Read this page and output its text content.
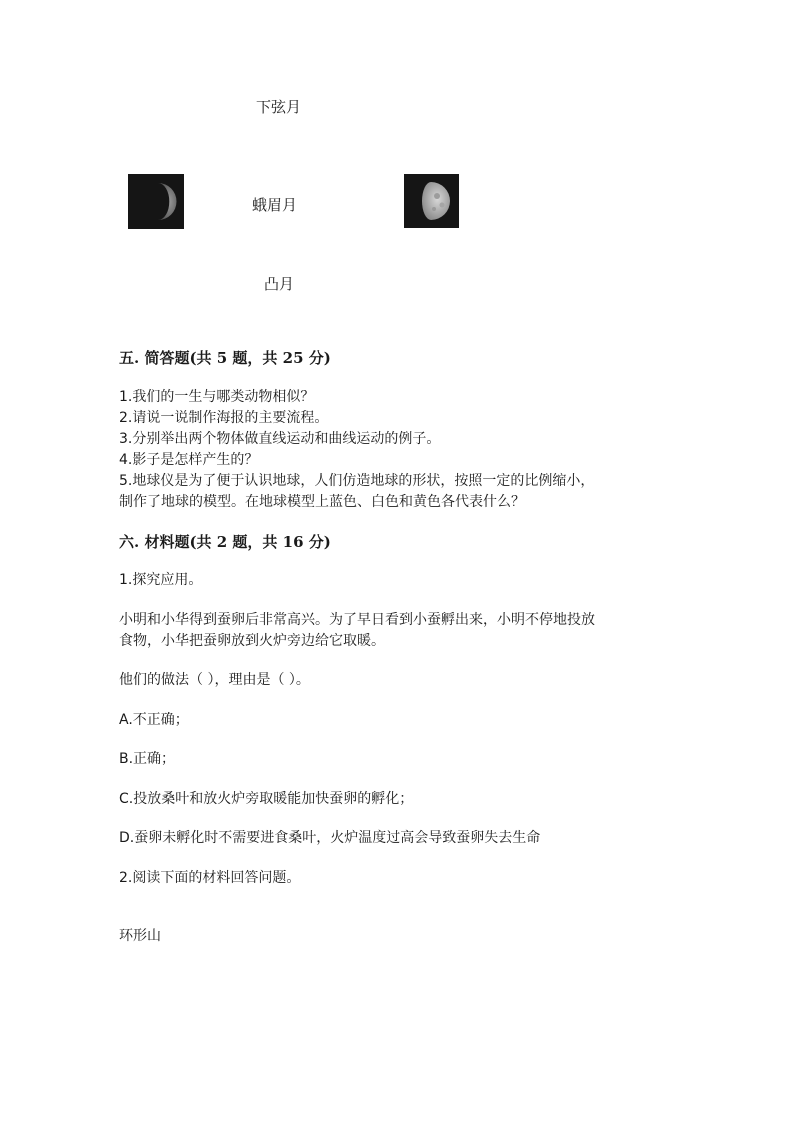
下弦月
蛾眉月
凸月
五. 简答题(共 5 题，共 25 分)
1.我们的一生与哪类动物相似？
2.请说一说制作海报的主要流程。
3.分别举出两个物体做直线运动和曲线运动的例子。
4.影子是怎样产生的？
5.地球仪是为了便于认识地球，人们仿造地球的形状，按照一定的比例缩小，
制作了地球的模型。在地球模型上蓝色、白色和黄色各代表什么？
六. 材料题(共 2 题，共 16 分)
1.探究应用。
小明和小华得到蚕卵后非常高兴。为了早日看到小蚕孵出来，小明不停地投放
食物，小华把蚕卵放到火炉旁边给它取暖。
他们的做法（ ），理由是（ ）。
A.不正确；
B.正确；
C.投放桑叶和放火炉旁取暖能加快蚕卵的孵化；
D.蚕卵未孵化时不需要进食桑叶，火炉温度过高会导致蚕卵失去生命
2.阅读下面的材料回答问题。
环形山
